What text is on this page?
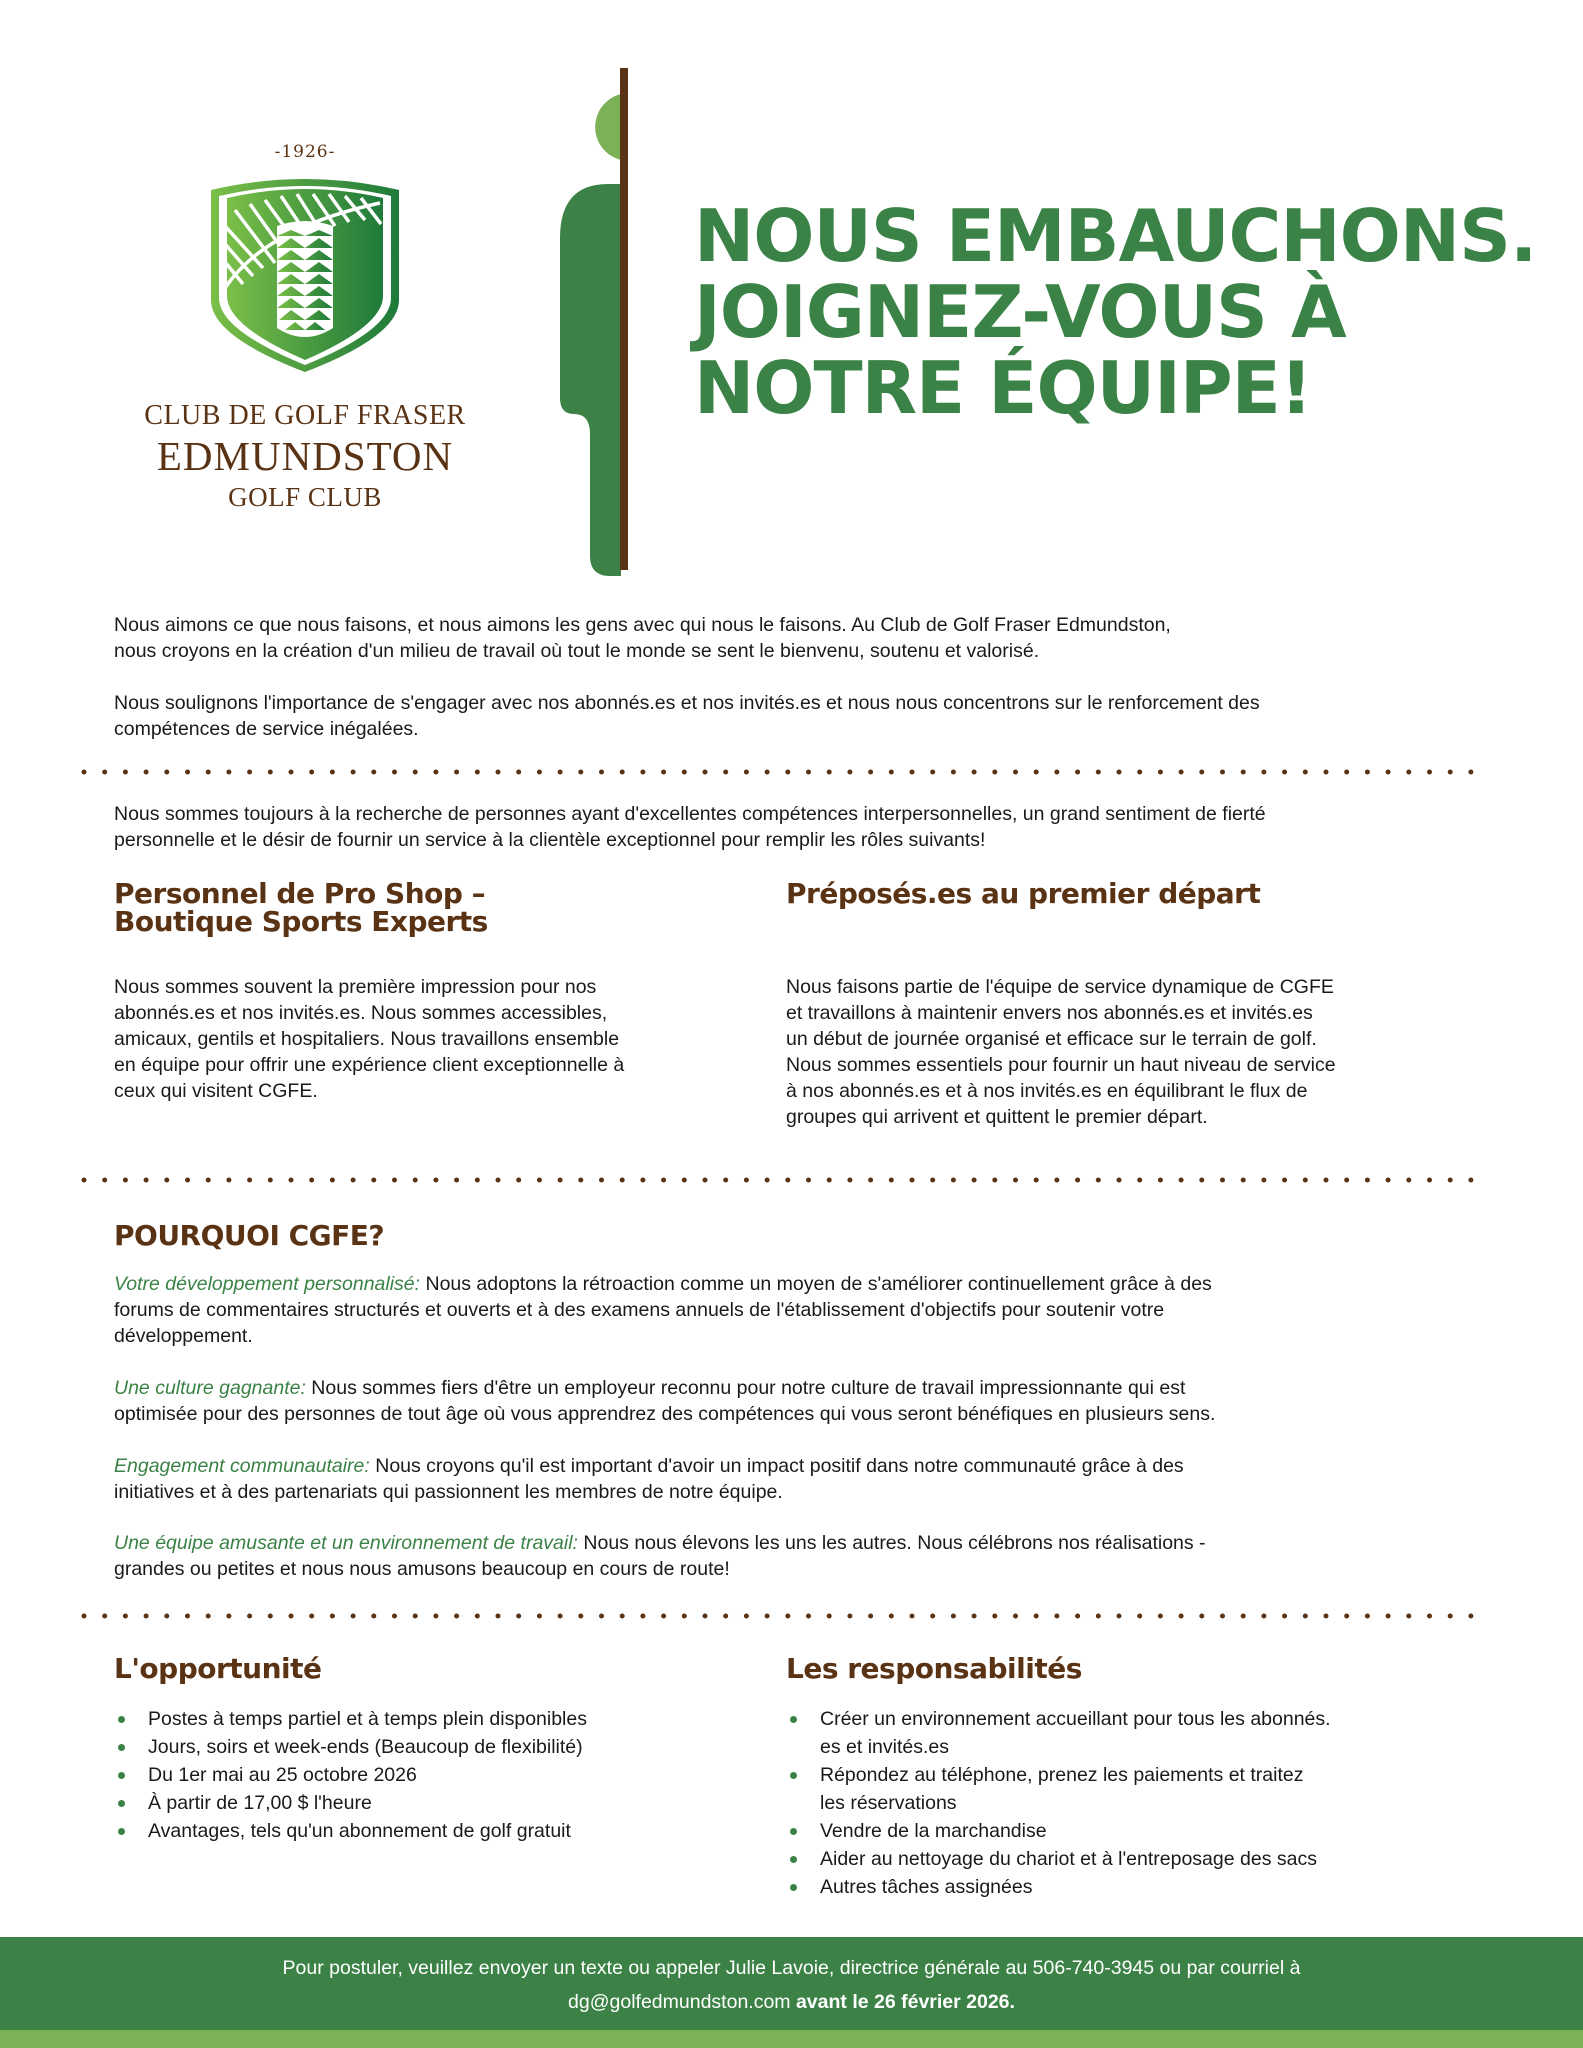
-1926-
CLUB DE GOLF FRASER
EDMUNDSTON
GOLF CLUB
NOUS EMBAUCHONS.
JOIGNEZ-VOUS À
NOTRE ÉQUIPE!

Nous aimons ce que nous faisons, et nous aimons les gens avec qui nous le faisons. Au Club de Golf Fraser Edmundston,
nous croyons en la création d'un milieu de travail où tout le monde se sent le bienvenu, soutenu et valorisé.

Nous soulignons l'importance de s'engager avec nos abonnés.es et nos invités.es et nous nous concentrons sur le renforcement des
compétences de service inégalées.

Nous sommes toujours à la recherche de personnes ayant d'excellentes compétences interpersonnelles, un grand sentiment de fierté
personnelle et le désir de fournir un service à la clientèle exceptionnel pour remplir les rôles suivants!

Personnel de Pro Shop –
Boutique Sports Experts

Nous sommes souvent la première impression pour nos
abonnés.es et nos invités.es. Nous sommes accessibles,
amicaux, gentils et hospitaliers. Nous travaillons ensemble
en équipe pour offrir une expérience client exceptionnelle à
ceux qui visitent CGFE.

Préposés.es au premier départ

Nous faisons partie de l'équipe de service dynamique de CGFE
et travaillons à maintenir envers nos abonnés.es et invités.es
un début de journée organisé et efficace sur le terrain de golf.
Nous sommes essentiels pour fournir un haut niveau de service
à nos abonnés.es et à nos invités.es en équilibrant le flux de
groupes qui arrivent et quittent le premier départ.

POURQUOI CGFE?

Votre développement personnalisé: Nous adoptons la rétroaction comme un moyen de s'améliorer continuellement grâce à des
forums de commentaires structurés et ouverts et à des examens annuels de l'établissement d'objectifs pour soutenir votre
développement.

Une culture gagnante: Nous sommes fiers d'être un employeur reconnu pour notre culture de travail impressionnante qui est
optimisée pour des personnes de tout âge où vous apprendrez des compétences qui vous seront bénéfiques en plusieurs sens.

Engagement communautaire: Nous croyons qu'il est important d'avoir un impact positif dans notre communauté grâce à des
initiatives et à des partenariats qui passionnent les membres de notre équipe.

Une équipe amusante et un environnement de travail: Nous nous élevons les uns les autres. Nous célébrons nos réalisations -
grandes ou petites et nous nous amusons beaucoup en cours de route!

L'opportunité
Postes à temps partiel et à temps plein disponibles
Jours, soirs et week-ends (Beaucoup de flexibilité)
Du 1er mai au 25 octobre 2026
À partir de 17,00 $ l'heure
Avantages, tels qu'un abonnement de golf gratuit
Les responsabilités
Créer un environnement accueillant pour tous les abonnés.
es et invités.es
Répondez au téléphone, prenez les paiements et traitez
les réservations
Vendre de la marchandise
Aider au nettoyage du chariot et à l'entreposage des sacs
Autres tâches assignées
Pour postuler, veuillez envoyer un texte ou appeler Julie Lavoie, directrice générale au 506-740-3945 ou par courriel à
dg@golfedmundston.com avant le 26 février 2026.
